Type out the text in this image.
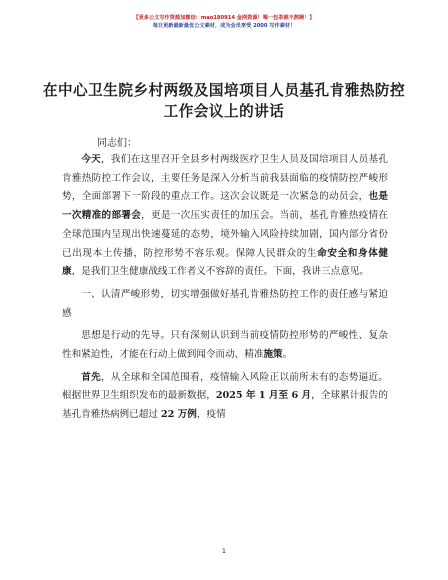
【更多公文写作资源加微信：mao180914 金网资源！喝一包茶就不熬睡！】
每日更新最新最优公文素材，成为会员享受 2000 写作素材！
在中心卫生院乡村两级及国培项目人员基孔肯雅热防控工作会议上的讲话
同志们：

今天，我们在这里召开全县乡村两级医疗卫生人员及国培项目人员基孔肯雅热防控工作会议，主要任务是深入分析当前我县面临的疫情防控严峻形势，全面部署下一阶段的重点工作。这次会议既是一次紧急的动员会，也是一次精准的部署会，更是一次压实责任的加压会。当前，基孔肯雅热疫情在全球范围内呈现出快速蔓延的态势，境外输入风险持续加剧，国内部分省份已出现本土传播，防控形势不容乐观。保障人民群众的生命安全和身体健康，是我们卫生健康战线工作者义不容辞的责任。下面，我讲三点意见。

一、认清严峻形势，切实增强做好基孔肯雅热防控工作的责任感与紧迫感

思想是行动的先导。只有深刻认识到当前疫情防控形势的严峻性、复杂性和紧迫性，才能在行动上做到闻令而动、精准施策。

首先，从全球和全国范围看，疫情输入风险正以前所未有的态势逼近。根据世界卫生组织发布的最新数据，2025 年 1 月至 6 月，全球累计报告的基孔肯雅热病例已超过 22 万例，疫情

1
